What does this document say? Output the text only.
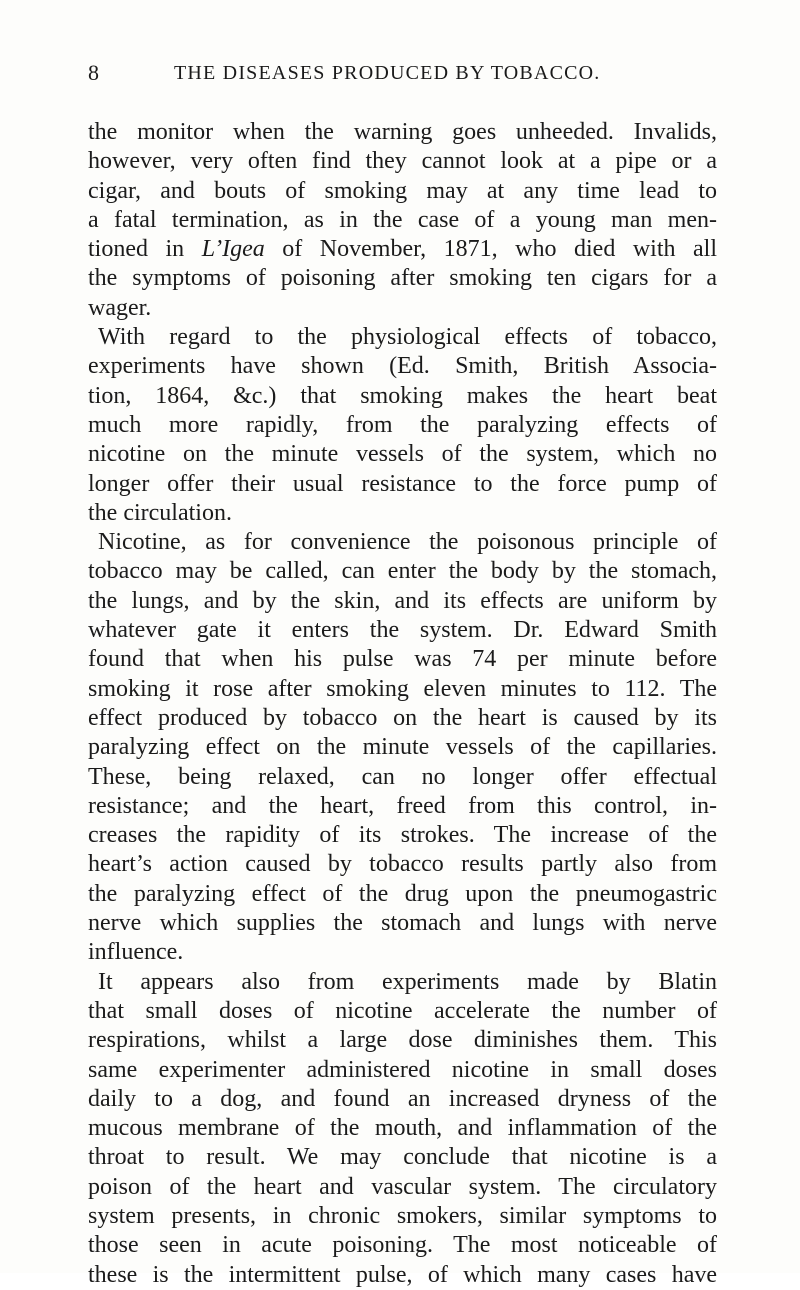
8	THE DISEASES PRODUCED BY TOBACCO.
the monitor when the warning goes unheeded. Invalids,
however, very often find they cannot look at a pipe or a
cigar, and bouts of smoking may at any time lead to
a fatal termination, as in the case of a young man men-
tioned in L’Igea of November, 1871, who died with all
the symptoms of poisoning after smoking ten cigars for a
wager.
With regard to the physiological effects of tobacco,
experiments have shown (Ed. Smith, British Associa-
tion, 1864, &c.) that smoking makes the heart beat
much more rapidly, from the paralyzing effects of
nicotine on the minute vessels of the system, which no
longer offer their usual resistance to the force pump of
the circulation.
Nicotine, as for convenience the poisonous principle of
tobacco may be called, can enter the body by the stomach,
the lungs, and by the skin, and its effects are uniform by
whatever gate it enters the system. Dr. Edward Smith
found that when his pulse was 74 per minute before
smoking it rose after smoking eleven minutes to 112. The
effect produced by tobacco on the heart is caused by its
paralyzing effect on the minute vessels of the capillaries.
These, being relaxed, can no longer offer effectual
resistance; and the heart, freed from this control, in-
creases the rapidity of its strokes. The increase of the
heart’s action caused by tobacco results partly also from
the paralyzing effect of the drug upon the pneumogastric
nerve which supplies the stomach and lungs with nerve
influence.
It appears also from experiments made by Blatin
that small doses of nicotine accelerate the number of
respirations, whilst a large dose diminishes them. This
same experimenter administered nicotine in small doses
daily to a dog, and found an increased dryness of the
mucous membrane of the mouth, and inflammation of the
throat to result. We may conclude that nicotine is a
poison of the heart and vascular system. The circulatory
system presents, in chronic smokers, similar symptoms to
those seen in acute poisoning. The most noticeable of
these is the intermittent pulse, of which many cases have
